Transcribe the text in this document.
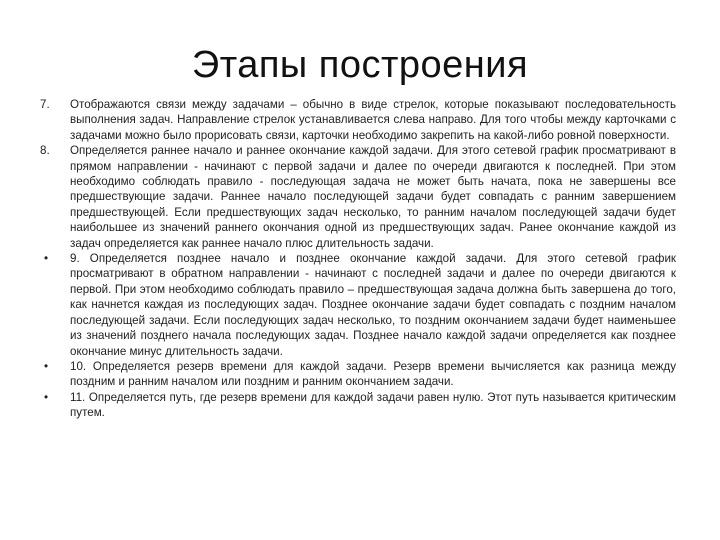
Этапы построения

7.	Отображаются связи между задачами – обычно в виде стрелок, которые показывают последовательность выполнения задач. Направление стрелок устанавливается слева направо. Для того чтобы между карточками с задачами можно было прорисовать связи, карточки необходимо закрепить на какой-либо ровной поверхности.

8.	Определяется раннее начало и раннее окончание каждой задачи. Для этого сетевой график просматривают в прямом направлении - начинают с первой задачи и далее по очереди двигаются к последней. При этом необходимо соблюдать правило - последующая задача не может быть начата, пока не завершены все предшествующие задачи. Раннее начало последующей задачи будет совпадать с ранним завершением предшествующей. Если предшествующих задач несколько, то ранним началом последующей задачи будет наибольшее из значений раннего окончания одной из предшествующих задач. Ранее окончание каждой из задач определяется как раннее начало плюс длительность задачи.

•	9. Определяется позднее начало и позднее окончание каждой задачи. Для этого сетевой график просматривают в обратном направлении - начинают с последней задачи и далее по очереди двигаются к первой. При этом необходимо соблюдать правило – предшествующая задача должна быть завершена до того, как начнется каждая из последующих задач. Позднее окончание задачи будет совпадать с поздним началом последующей задачи. Если последующих задач несколько, то поздним окончанием задачи будет наименьшее из значений позднего начала последующих задач. Позднее начало каждой задачи определяется как позднее окончание минус длительность задачи.

•	10. Определяется резерв времени для каждой задачи. Резерв времени вычисляется как разница между поздним и ранним началом или поздним и ранним окончанием задачи.

•	11. Определяется путь, где резерв времени для каждой задачи равен нулю. Этот путь называется критическим путем.
